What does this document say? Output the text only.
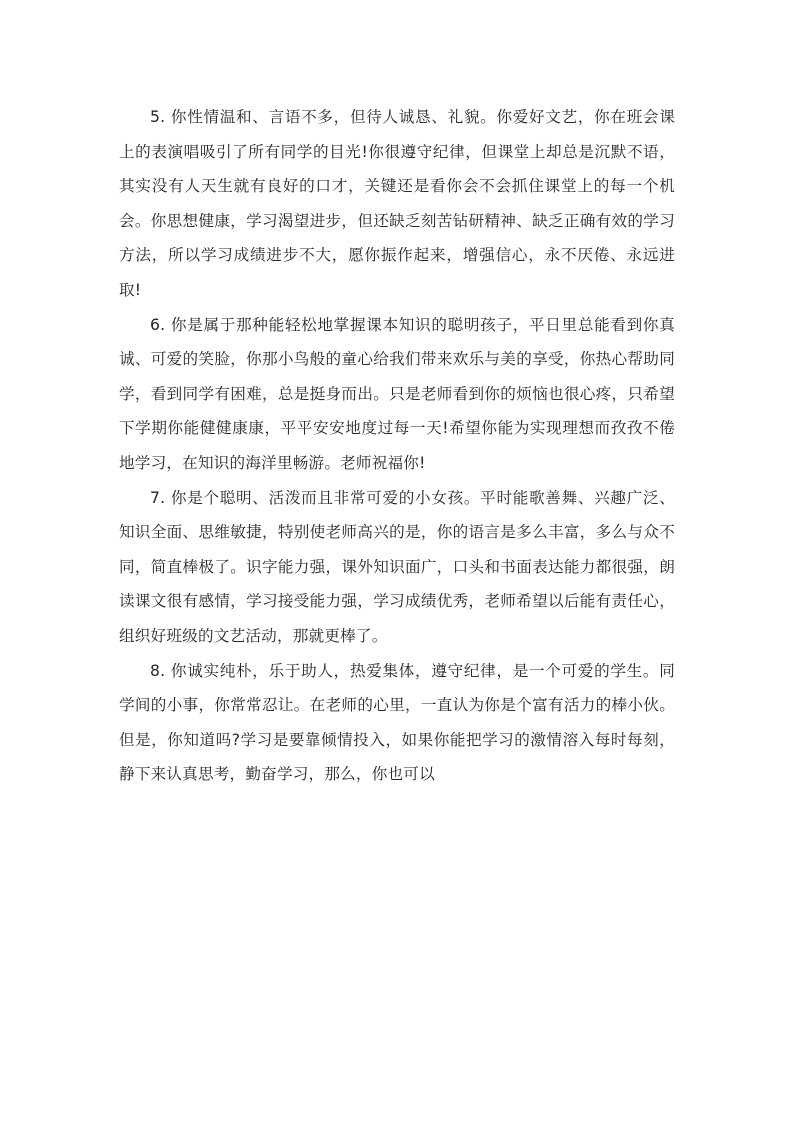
5. 你性情温和、言语不多，但待人诚恳、礼貌。你爱好文艺，你在班会课上的表演唱吸引了所有同学的目光!你很遵守纪律，但课堂上却总是沉默不语，其实没有人天生就有良好的口才，关键还是看你会不会抓住课堂上的每一个机会。你思想健康，学习渴望进步，但还缺乏刻苦钻研精神、缺乏正确有效的学习方法，所以学习成绩进步不大，愿你振作起来，增强信心，永不厌倦、永远进取!

6. 你是属于那种能轻松地掌握课本知识的聪明孩子，平日里总能看到你真诚、可爱的笑脸，你那小鸟般的童心给我们带来欢乐与美的享受，你热心帮助同学，看到同学有困难，总是挺身而出。只是老师看到你的烦恼也很心疼，只希望下学期你能健健康康，平平安安地度过每一天!希望你能为实现理想而孜孜不倦地学习，在知识的海洋里畅游。老师祝福你!

7. 你是个聪明、活泼而且非常可爱的小女孩。平时能歌善舞、兴趣广泛、知识全面、思维敏捷，特别使老师高兴的是，你的语言是多么丰富，多么与众不同，简直棒极了。识字能力强，课外知识面广，口头和书面表达能力都很强，朗读课文很有感情，学习接受能力强，学习成绩优秀，老师希望以后能有责任心，组织好班级的文艺活动，那就更棒了。

8. 你诚实纯朴，乐于助人，热爱集体，遵守纪律，是一个可爱的学生。同学间的小事，你常常忍让。在老师的心里，一直认为你是个富有活力的棒小伙。但是，你知道吗?学习是要靠倾情投入，如果你能把学习的激情溶入每时每刻，静下来认真思考，勤奋学习，那么，你也可以
